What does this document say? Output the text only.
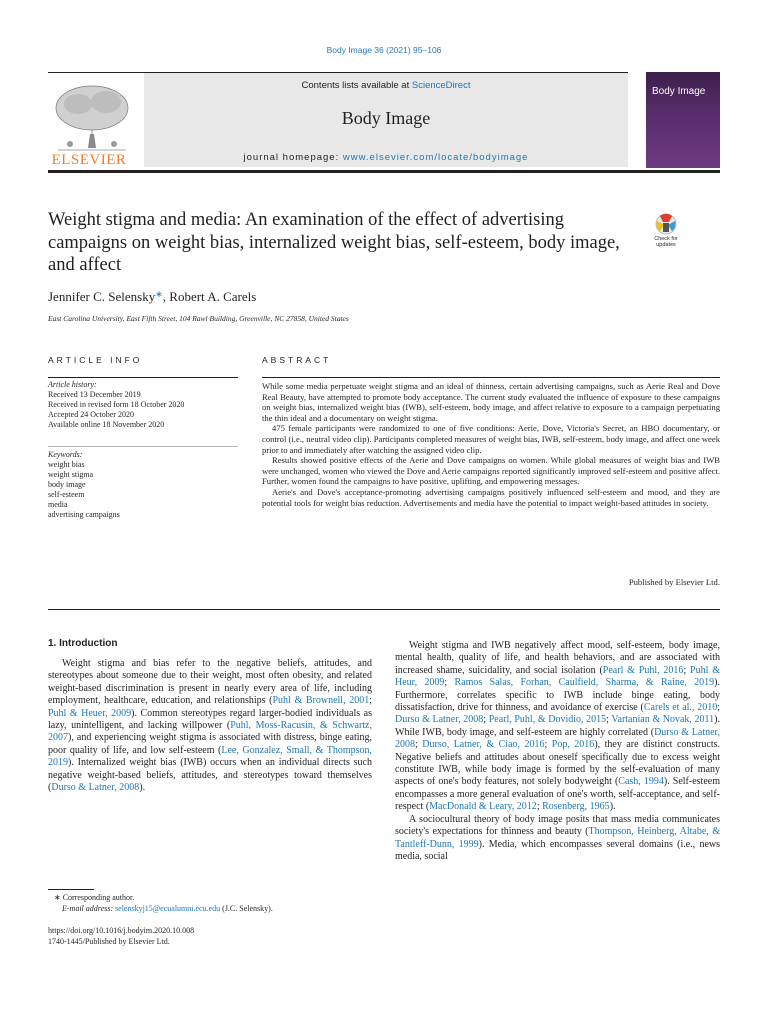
Body Image 36 (2021) 95–106
ELSEVIER
Contents lists available at ScienceDirect
Body Image
journal homepage: www.elsevier.com/locate/bodyimage
Body Image
Weight stigma and media: An examination of the effect of advertising campaigns on weight bias, internalized weight bias, self-esteem, body image, and affect
Check for
updates
Jennifer C. Selensky∗, Robert A. Carels
East Carolina University, East Fifth Street, 104 Rawl Building, Greenville, NC 27858, United States
ARTICLE INFO
Article history:
Received 13 December 2019
Received in revised form 18 October 2020
Accepted 24 October 2020
Available online 18 November 2020
Keywords:
weight bias
weight stigma
body image
self-esteem
media
advertising campaigns
ABSTRACT

While some media perpetuate weight stigma and an ideal of thinness, certain advertising campaigns, such as Aerie Real and Dove Real Beauty, have attempted to promote body acceptance. The current study evaluated the influence of exposure to these campaigns on weight bias, internalized weight bias (IWB), self-esteem, body image, and affect relative to exposure to a campaign perpetuating the thin ideal and a documentary on weight stigma.

475 female participants were randomized to one of five conditions: Aerie, Dove, Victoria's Secret, an HBO documentary, or control (i.e., neutral video clip). Participants completed measures of weight bias, IWB, self-esteem, body image, and affect one week prior to and immediately after watching the assigned video clip.

Results showed positive effects of the Aerie and Dove campaigns on women. While global measures of weight bias and IWB were unchanged, women who viewed the Dove and Aerie campaigns reported significantly improved self-esteem and positive affect. Further, women found the campaigns to have positive, uplifting, and empowering messages.

Aerie's and Dove's acceptance-promoting advertising campaigns positively influenced self-esteem and mood, and they are potential tools for weight bias reduction. Advertisements and media have the potential to impact weight-based attitudes in society.

Published by Elsevier Ltd.
1. Introduction

Weight stigma and bias refer to the negative beliefs, attitudes, and stereotypes about someone due to their weight, most often obesity, and related weight-based discrimination is present in nearly every area of life, including employment, healthcare, education, and relationships (Puhl & Brownell, 2001; Puhl & Heuer, 2009). Common stereotypes regard larger-bodied individuals as lazy, unintelligent, and lacking willpower (Puhl, Moss-Racusin, & Schwartz, 2007), and experiencing weight stigma is associated with distress, binge eating, poor quality of life, and low self-esteem (Lee, Gonzalez, Small, & Thompson, 2019). Internalized weight bias (IWB) occurs when an individual directs such negative weight-based beliefs, attitudes, and stereotypes toward themselves (Durso & Latner, 2008).

Weight stigma and IWB negatively affect mood, self-esteem, body image, mental health, quality of life, and health behaviors, and are associated with increased shame, suicidality, and social isolation (Pearl & Puhl, 2016; Puhl & Heur, 2009; Ramos Salas, Forhan, Caulfield, Sharma, & Raine, 2019). Furthermore, correlates specific to IWB include binge eating, body dissatisfaction, drive for thinness, and avoidance of exercise (Carels et al., 2010; Durso & Latner, 2008; Pearl, Puhl, & Dovidio, 2015; Vartanian & Novak, 2011). While IWB, body image, and self-esteem are highly correlated (Durso & Latner, 2008; Durso, Latner, & Ciao, 2016; Pop, 2016), they are distinct constructs. Negative beliefs and attitudes about oneself specifically due to excess weight constitute IWB, while body image is formed by the self-evaluation of many aspects of one's body features, not solely bodyweight (Cash, 1994). Self-esteem encompasses a more general evaluation of one's worth, self-acceptance, and self-respect (MacDonald & Leary, 2012; Rosenberg, 1965).

A sociocultural theory of body image posits that mass media communicates society's expectations for thinness and beauty (Thompson, Heinberg, Altabe, & Tantleff-Dunn, 1999). Media, which encompasses several domains (i.e., news media, social

∗ Corresponding author.
E-mail address: selenskyj15@ecualumni.ecu.edu (J.C. Selensky).
https://doi.org/10.1016/j.bodyim.2020.10.008
1740-1445/Published by Elsevier Ltd.
